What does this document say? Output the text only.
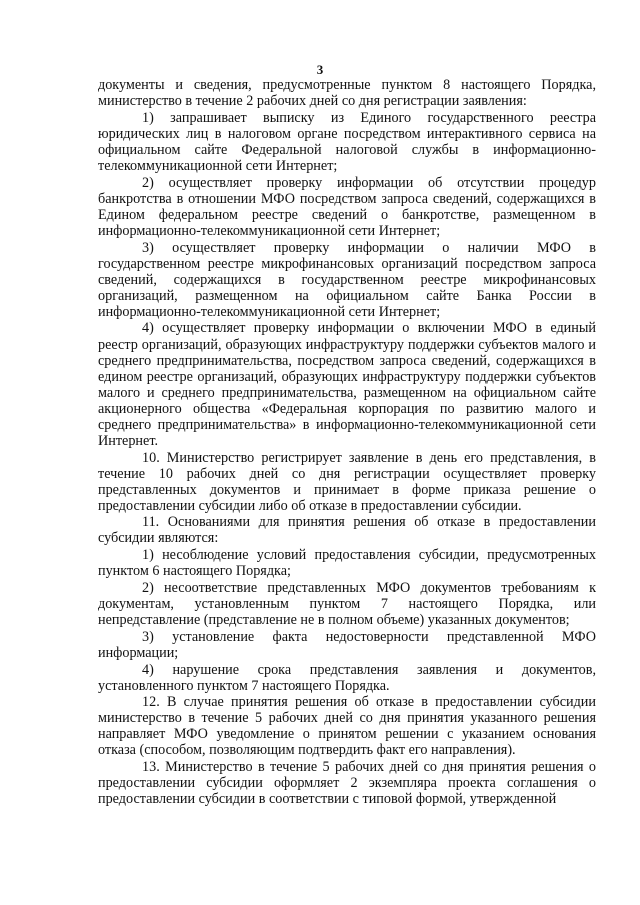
3

документы и сведения, предусмотренные пунктом 8 настоящего Порядка, министерство в течение 2 рабочих дней со дня регистрации заявления:

1) запрашивает выписку из Единого государственного реестра юридических лиц в налоговом органе посредством интерактивного сервиса на официальном сайте Федеральной налоговой службы в информационно-телекоммуникационной сети Интернет;

2) осуществляет проверку информации об отсутствии процедур банкротства в отношении МФО посредством запроса сведений, содержащихся в Едином федеральном реестре сведений о банкротстве, размещенном в информационно-телекоммуникационной сети Интернет;

3) осуществляет проверку информации о наличии МФО в государственном реестре микрофинансовых организаций посредством запроса сведений, содержащихся в государственном реестре микрофинансовых организаций, размещенном на официальном сайте Банка России в информационно-телекоммуникационной сети Интернет;

4) осуществляет проверку информации о включении МФО в единый реестр организаций, образующих инфраструктуру поддержки субъектов малого и среднего предпринимательства, посредством запроса сведений, содержащихся в едином реестре организаций, образующих инфраструктуру поддержки субъектов малого и среднего предпринимательства, размещенном на официальном сайте акционерного общества «Федеральная корпорация по развитию малого и среднего предпринимательства» в информационно-телекоммуникационной сети Интернет.

10. Министерство регистрирует заявление в день его представления, в течение 10 рабочих дней со дня регистрации осуществляет проверку представленных документов и принимает в форме приказа решение о предоставлении субсидии либо об отказе в предоставлении субсидии.

11. Основаниями для принятия решения об отказе в предоставлении субсидии являются:

1) несоблюдение условий предоставления субсидии, предусмотренных пунктом 6 настоящего Порядка;

2) несоответствие представленных МФО документов требованиям к документам, установленным пунктом 7 настоящего Порядка, или непредставление (представление не в полном объеме) указанных документов;

3) установление факта недостоверности представленной МФО информации;

4) нарушение срока представления заявления и документов, установленного пунктом 7 настоящего Порядка.

12. В случае принятия решения об отказе в предоставлении субсидии министерство в течение 5 рабочих дней со дня принятия указанного решения направляет МФО уведомление о принятом решении с указанием основания отказа (способом, позволяющим подтвердить факт его направления).

13. Министерство в течение 5 рабочих дней со дня принятия решения о предоставлении субсидии оформляет 2 экземпляра проекта соглашения о предоставлении субсидии в соответствии с типовой формой, утвержденной
